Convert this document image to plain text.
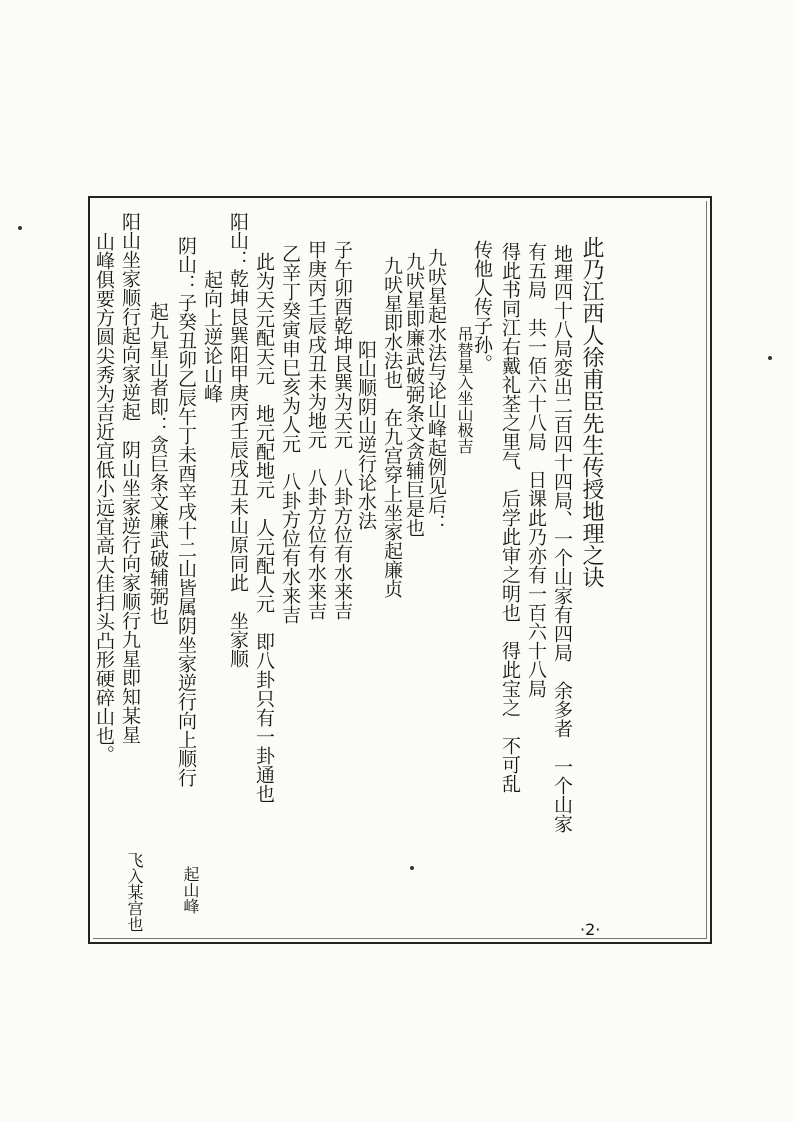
此乃江西人徐甫臣先生传授地理之诀
地理四十八局変出二百四十四局、一个山家有四局　余多者　一个山家
有五局　共一佰六十八局　日课此乃亦有一百六十八局
得此书同江右戴礼荃之里气　后学此审之明也　得此宝之　不可乱
传他人传子孙。
吊替星入坐山极吉
九吠星起水法与论山峰起例见后：
九吠星即廉武破弼条文贪辅巨是也
九吠星即水法也　在九宫穿上坐家起廉贞
阳山顺阴山逆行论水法
子午卯酉乾坤艮巽为天元　八卦方位有水来吉
甲庚丙壬辰戌丑未为地元　八卦方位有水来吉
乙辛丁癸寅申巳亥为人元　八卦方位有水来吉
此为天元配天元　地元配地元　人元配人元　即八卦只有一卦通也
阳山：乾坤艮巽阳甲庚丙壬辰戌丑未山原同此　坐家顺
起向上逆论山峰
阴山：子癸丑卯乙辰午丁未酉辛戌十二山皆属阴坐家逆行向上顺行
起九星山者即：贪巨条文廉武破辅弼也
阳山坐家顺行起向家逆起　阴山坐家逆行向家顺行九星即知某星
山峰俱要方圆尖秀为吉近宜低小远宜高大佳扫头凸形硬碎山也。
起山峰
飞入某宫也	·2·
